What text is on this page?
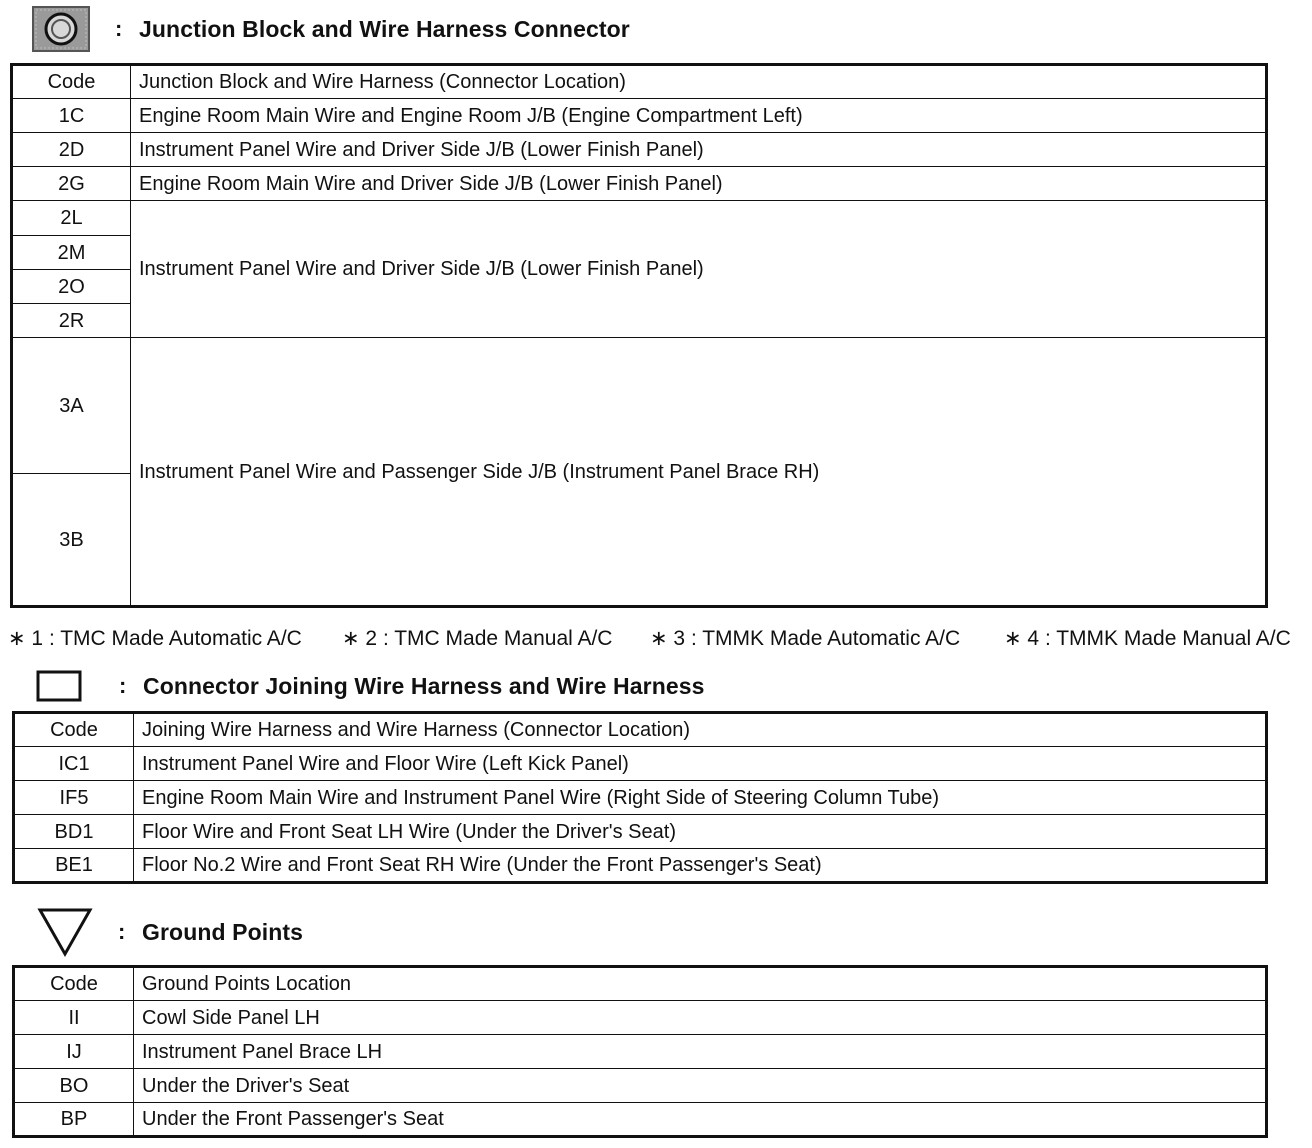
: Junction Block and Wire Harness Connector
Code	Junction Block and Wire Harness (Connector Location)
1C	Engine Room Main Wire and Engine Room J/B (Engine Compartment Left)
2D	Instrument Panel Wire and Driver Side J/B (Lower Finish Panel)
2G	Engine Room Main Wire and Driver Side J/B (Lower Finish Panel)
2L	Instrument Panel Wire and Driver Side J/B (Lower Finish Panel)
2M	
2O	
2R	
3A	Instrument Panel Wire and Passenger Side J/B (Instrument Panel Brace RH)
3B	
∗ 1 : TMC Made Automatic A/C ∗ 2 : TMC Made Manual A/C ∗ 3 : TMMK Made Automatic A/C ∗ 4 : TMMK Made Manual A/C
: Connector Joining Wire Harness and Wire Harness
Code	Joining Wire Harness and Wire Harness (Connector Location)
IC1	Instrument Panel Wire and Floor Wire (Left Kick Panel)
IF5	Engine Room Main Wire and Instrument Panel Wire (Right Side of Steering Column Tube)
BD1	Floor Wire and Front Seat LH Wire (Under the Driver's Seat)
BE1	Floor No.2 Wire and Front Seat RH Wire (Under the Front Passenger's Seat)
: Ground Points
Code	Ground Points Location
II	Cowl Side Panel LH
IJ	Instrument Panel Brace LH
BO	Under the Driver's Seat
BP	Under the Front Passenger's Seat
